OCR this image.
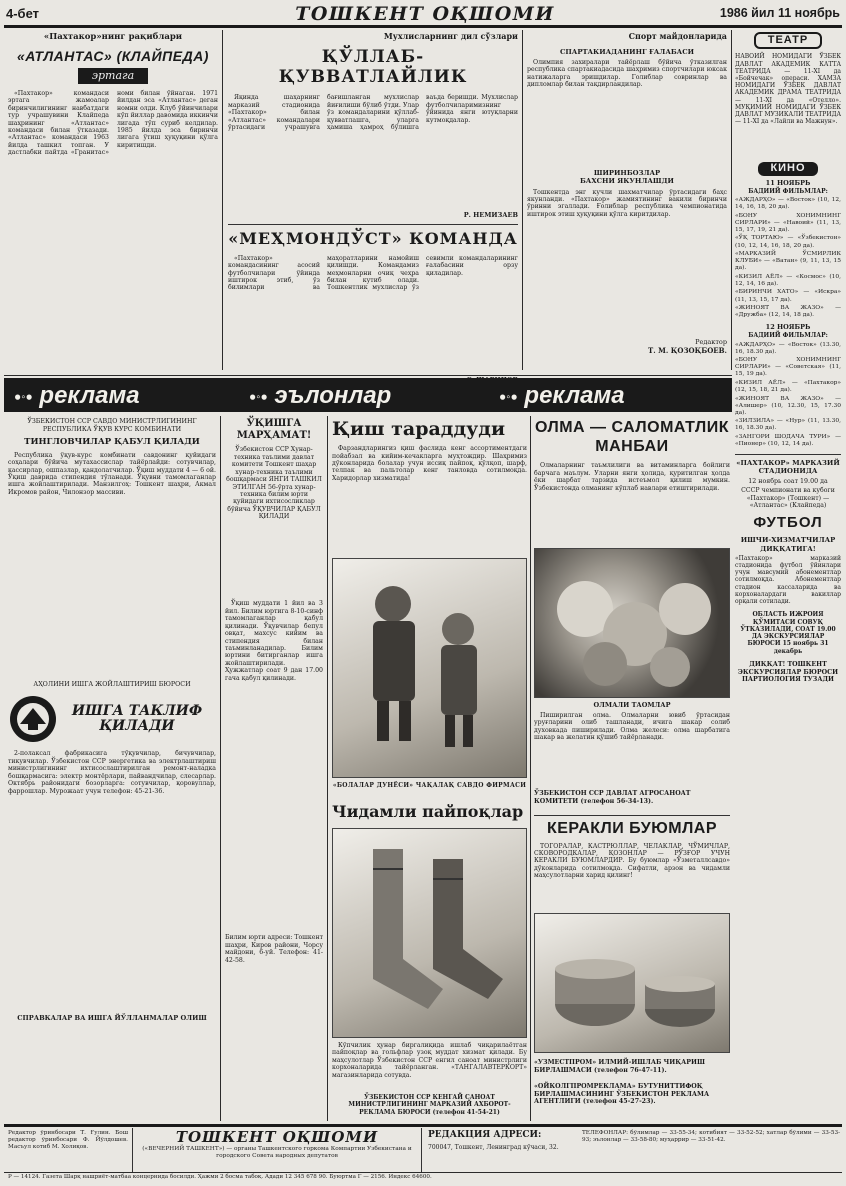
4-бет	ТОШКЕНТ ОҚШОМИ	1986 йил 11 ноябрь
«Пахтакор»нинг рақиблари
«АТЛАНТАС» (КЛАЙПЕДА)
эртага

«Пахтакор» командаси эртага жамоалар биринчилигининг навбатдаги тур учрашувини Клайпеда шаҳрининг «Атлантас» командаси билан ўтказади. «Атлантас» командаси 1963 йилда ташкил топган. У дастлабки пайтда «Гранитас» номи билан ўйнаган. 1971 йилдан эса «Атлантас» деган номни олди. Клуб ўйинчилари кўп йиллар давомида иккинчи лигада тўп суриб келдилар. 1985 йилда эса биринчи лигага ўтиш ҳуқуқини қўлга киритишди.

Мухлисларнинг дил сўзлари
ҚЎЛЛАБ-ҚУВВАТЛАЙЛИК

Яқинда шаҳарнинг марказий стадионида «Пахтакор» билан «Атлантас» командалари ўртасидаги учрашувга бағишланган мухлислар йиғилиши бўлиб ўтди. Улар ўз командаларини қўллаб-қувватлашга, уларга ҳамиша ҳамроҳ бўлишга ваъда беришди. Мухлислар футболчиларимизнинг ўйинида янги ютуқларни кутмоқдалар.

Р. НЕМИЗАЕВ
«МЕҲМОНДЎСТ» КОМАНДА

«Пахтакор» командасининг асосий футболчилари ўйинда иштирок этиб, ўз билимлари ва маҳоратларини намойиш қилишди. Командамиз меҳмонларни очиқ чеҳра билан кутиб олади. Тошкентлик мухлислар ўз севимли командаларининг ғалабасини орзу қиладилар.

Спорт майдонларида
СПАРТАКИАДАНИНГ ҒАЛАБАСИ

Олимпия захиралари тайёрлаш бўйича ўтказилган республика спартакиадасида шаҳримиз спортчилари юксак натижаларга эришдилар. Голиблар совринлар ва дипломлар билан тақдирландилар.

ШИРИНБОЗЛАР
БАХСНИ ЯКУНЛАШДИ

Тошкентда энг кучли шахматчилар ўртасидаги баҳс якунланди. «Пахтакор» жамиятининг вакили биринчи ўринни эгаллади. Ғолиблар республика чемпионатида иштирок этиш ҳуқуқини қўлга киритдилар.

Редактор
Т. М. ҚОЗОҚБОЕВ.
ТЕАТР
НАВОИЙ НОМИДАГИ ЎЗБЕК ДАВЛАТ АКАДЕМИК КАТТА ТЕАТРИДА — 11-XI да «Бойчечак» операси. ХАМЗА НОМИДАГИ ЎЗБЕК ДАВЛАТ АКАДЕМИК ДРАМА ТЕАТРИДА — 11-XI да «Отелло». МУҚИМИЙ НОМИДАГИ ЎЗБЕК ДАВЛАТ МУЗИКАЛИ ТЕАТРИДА — 11-XI да «Лайли ва Мажнун».
КИНО
11 НОЯБРЬ
БАДИИЙ ФИЛЬМЛАР:
«АЖДАРҲО» — «Восток» (10, 12, 14, 16, 18, 20 да).
«БОНУ ХОНИМНИНГ СИРЛАРИ» — «Навоий» (11, 13, 15, 17, 19, 21 да).
«ЎҚ ТОРТАЮ» — «Ўзбекистон» (10, 12, 14, 16, 18, 20 да).
«МАРКАЗИЙ ЎСМИРЛИК КЛУБИ» — «Ватан» (9, 11, 13, 15 да).
«КИЗИЛ АЁЛ» — «Космос» (10, 12, 14, 16 да).
«БИРИНЧИ ХАТО» — «Искра» (11, 13, 15, 17 да).
«ЖИНОЯТ ВА ЖАЗО» — «Дружба» (12, 14, 18 да).
12 НОЯБРЬ
БАДИИЙ ФИЛЬМЛАР:
«АЖДАРҲО» — «Восток» (13.30, 16, 18.30 да).
«БОНУ ХОНИМНИНГ СИРЛАРИ» — «Советская» (11, 15, 19 да).
«КИЗИЛ АЁЛ» — «Пахтакор» (12, 15, 18, 21 да).
«ЖИНОЯТ ВА ЖАЗО» — «Алишер» (10, 12.30, 15, 17.30 да).
«ЗИЛЗИЛА» — «Нур» (11, 13.30, 16, 18.30 да).
«ЗАНГОРИ ШОДАЧА ТУРИ» — «Пионер» (10, 12, 14 да).
«ПАХТАКОР» МАРКАЗИЙ СТАДИОНИДА
12 ноябрь соат 19.00 да
СССР чемпионати ва кубоги «Пахтакор» (Тошкент) — «Атлантас» (Клайпеда)
ФУТБОЛ
ИШЧИ-ХИЗМАТЧИЛАР ДИҚҚАТИГА!
«Пахтакор» марказий стадионида футбол ўйинлари учун мавсумий абонементлар сотилмоқда. Абонементлар стадион кассаларида ва корхоналардаги вакиллар орқали сотилади.
ОБЛАСТЬ ИЖРОИЯ ҚЎМИТАСИ СОВУҚ ЎТКАЗИЛАДИ, СОАТ 19.00 ДА ЭКСКУРСИЯЛАР БЮРОСИ 15 ноябрь 31 декабрь
ДИҚҚАТ! ТОШКЕНТ ЭКСКУРСИЯЛАР БЮРОСИ ПАРТИОЛОГИЯ ТУЗАДИ
●◦● реклама	●◦● эълонлар	●◦● реклама
ЎЗБЕКИСТОН ССР САВДО МИНИСТРЛИГИНИНГ РЕСПУБЛИКА ЎҚУВ КУРС КОМБИНАТИ
ТИНГЛОВЧИЛАР ҚАБУЛ ҚИЛАДИ

Республика ўқув-курс комбинати савдонинг қуйидаги соҳалари бўйича мутахассислар тайёрлайди: сотувчилар, кассирлар, ошпазлар, қандолатчилар. Ўқиш муддати 4 — 6 ой. Ўқиш даврида стипендия тўланади. Ўқувни тамомлаганлар ишга жойлаштирилади. Манзилгоҳ: Тошкент шаҳри, Акмал Икромов район, Чилонзор массиви.

АҲОЛИНИ ИШГА ЖОЙЛАШТИРИШ БЮРОСИ
ИШГА ТАКЛИФ ҚИЛАДИ

2-полаксал фабрикасига тўқувчилар, бичувчилар, тикувчилар. Ўзбекистон ССР энергетика ва электрлаштириш министрлигининг ихтисослаштирилган ремонт-наладка бошқармасига: электр монтёрлари, пайвандчилар, слесарлар. Октябрь районидаги бозорларга: сотувчилар, қоровуллар, фаррошлар. Мурожаат учун телефон: 45-21-36.

СПРАВКАЛАР ВА ИШГА ЙЎЛЛАНМАЛАР ОЛИШ
ЎҚИШГА МАРҲАМАТ!
Ўзбекистон ССР Хунар-техника таълими давлат комитети Тошкент шаҳар хунар-техника таълими бошқармаси ЯНГИ ТАШКИЛ ЭТИЛГАН 56-ўрта хунар-техника билим юрти қуйидаги ихтисосликлар бўйича ЎҚУВЧИЛАР ҚАБУЛ ҚИЛАДИ

Ўқиш муддати 1 йил ва 3 йил. Билим юртига 8-10-синф тамомлаганлар қабул қилинади. Ўқувчилар бепул овқат, махсус кийим ва стипендия билан таъминланадилар. Билим юртини битирганлар ишга жойлаштирилади. Ҳужжатлар соат 9 дан 17.00 гача қабул қилинади.

Билим юрти адреси: Тошкент шаҳри, Киров райони, Чорсу майдони, 6-уй. Телефон: 41-42-58.
Қиш тараддуди

Фарзандларингиз қиш фаслида кенг ассортиментдаги пойабзал ва кийим-кечакларга муҳтождир. Шаҳримиз дўконларида болалар учун иссиқ пайпоқ, қўлқоп, шарф, телпак ва пальтолар кенг танловда сотилмоқда. Харидорлар хизматида!

«БОЛАЛАР ДУНЁСИ» ЧАҚАЛАҚ САВДО ФИРМАСИ
Чидамли пайпоқлар

Кўпчилик ҳунар биргалиқида ишлаб чиқарилаётган пайпоқлар ва гольфлар узоқ муддат хизмат қилади. Бу маҳсулотлар Ўзбекистон ССР енгил саноат министрлиги корхоналарида тайёрланган. «ТАНГАЛАВТЕРКОРТ» магазинларида сотувда.

ЎЗБЕКИСТОН ССР КЕНГАЙ САНОАТ МИНИСТРЛИГИНИНГ МАРКАЗИЙ АХБОРОТ-РЕКЛАМА БЮРОСИ (телефон 41-54-21)
ОЛМА — САЛОМАТЛИК МАНБАИ

Олмаларнинг таъмлилиги ва витаминларга бойлиги барчага маълум. Уларни янги ҳолида, қуритилган ҳолда ёки шарбат тарзида истеъмол қилиш мумкин. Ўзбекистонда олманинг кўплаб навлари етиштирилади.

ОЛМАЛИ ТАОМЛАР

Пиширилган олма. Олмаларни ювиб ўртасидан уруғларини олиб ташланади, ичига шакар солиб духовкада пиширилади. Олма желеси: олма шарбатига шакар ва желатин қўшиб тайёрланади.

ЎЗБЕКИСТОН ССР ДАВЛАТ АГРОСАНОАТ КОМИТЕТИ (телефон 56-34-13).
КЕРАКЛИ БУЮМЛАР

ТОГОРАЛАР, КАСТРЮЛЛАР, ЧЕЛАКЛАР, ЧЎМИЧЛАР, СКОВОРОДКАЛАР, ҚОЗОНЛАР — РЎЗҒОР УЧУН КЕРАКЛИ БУЮМЛАРДИР. Бу буюмлар «Ўзметаллсавдо» дўконларида сотилмоқда. Сифатли, арзон ва чидамли маҳсулотларни харид қилинг!

«УЗМЕСТПРОМ» ИЛМИЙ-ИШЛАБ ЧИҚАРИШ БИРЛАШМАСИ (телефон 76-47-11).
«ОЙКОЛГПРОМРЕКЛАМА» БУТУНИТТИФОҚ БИРЛАШМАСИНИНГ ЎЗБЕКИСТОН РЕКЛАМА АГЕНТЛИГИ (телефон 45-27-23).
Редактор ўринбосари Т. Ғулин. Бош редактор ўринбосари Ф. Йўлдошев. Масъул котиб М. Холиқов.
ТОШКЕНТ ОҚШОМИ
(«ВЕЧЕРНИЙ ТАШКЕНТ») — органы Ташкентского горкома Компартии Узбекистана и городского Совета народных депутатов
РЕДАКЦИЯ АДРЕСИ:
700047, Тошкент, Ленинград кўчаси, 32.
ТЕЛЕФОНЛАР: бўлимлар — 33-55-34; котибият — 33-52-52; хатлар бўлими — 33-53-93; эълонлар — 33-58-80; муҳаррир — 33-51-42.
Р — 14124. Газета Шарқ нашриёт-матбаа концернида босилди. Ҳажми 2 босма табоқ. Адади 12 345 678 90. Буюртма Г — 2156. Индекс 64600.
